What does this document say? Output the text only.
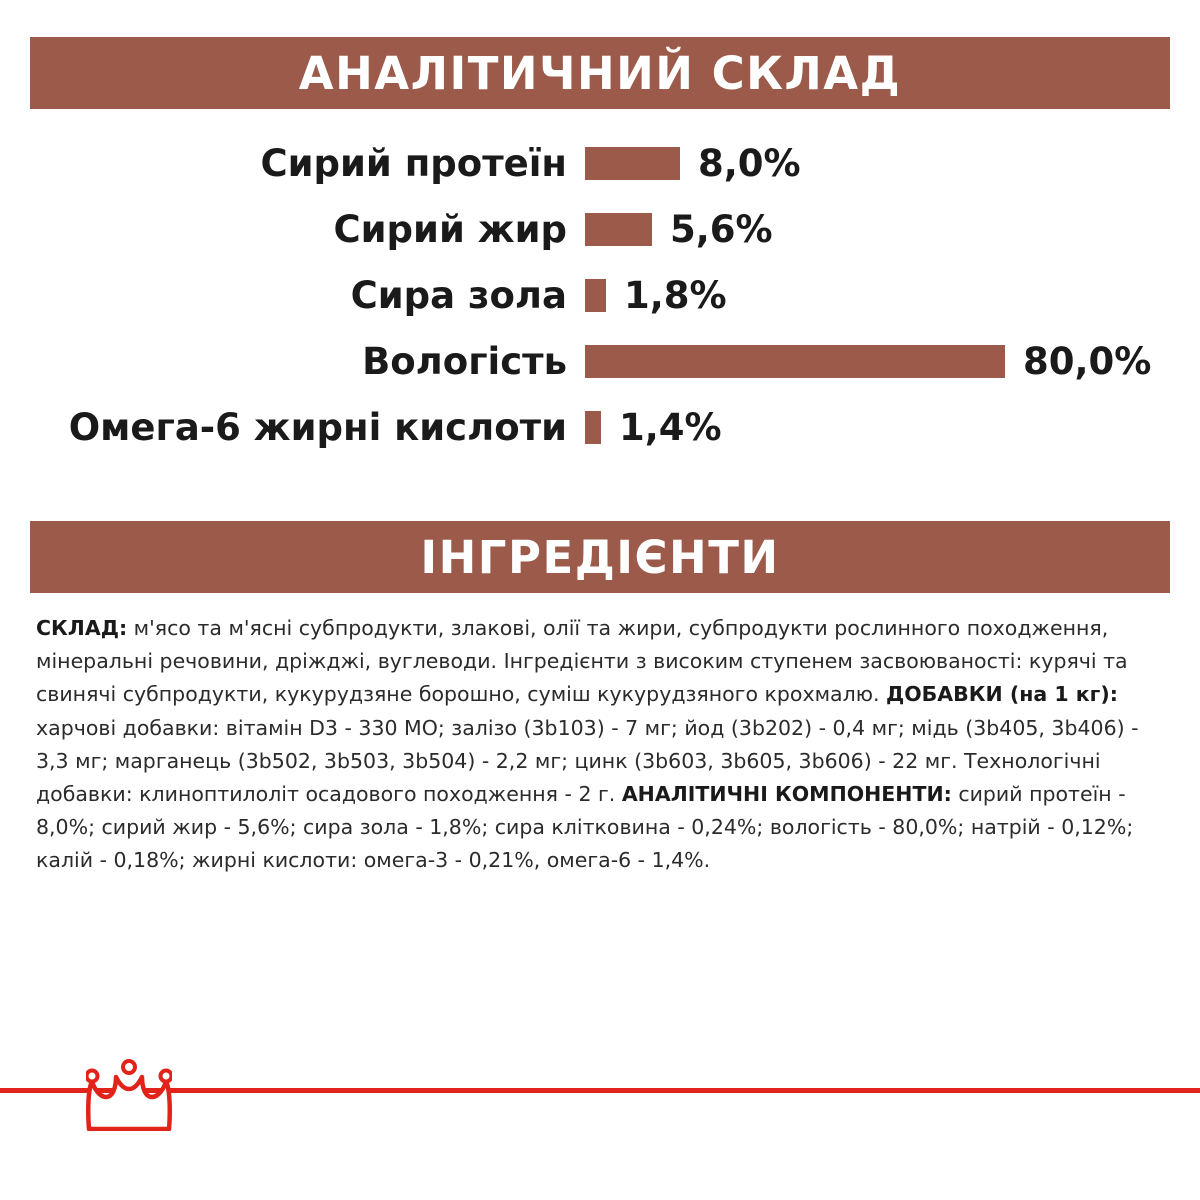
АНАЛІТИЧНИЙ СКЛАД
Сирий протеїн	8,0%
Сирий жир	5,6%
Сира зола	1,8%
Вологість	80,0%
Омега-6 жирні кислоти	1,4%
ІНГРЕДІЄНТИ
СКЛАД: м'ясо та м'ясні субпродукти, злакові, олії та жири, субпродукти рослинного походження, мінеральні речовини, дріжджі, вуглеводи. Інгредієнти з високим ступенем засвоюваності: курячі та свинячі субпродукти, кукурудзяне борошно, суміш кукурудзяного крохмалю. ДОБАВКИ (на 1 кг): харчові добавки: вітамін D3 - 330 МО; залізо (3b103) - 7 мг; йод (3b202) - 0,4 мг; мідь (3b405, 3b406) - 3,3 мг; марганець (3b502, 3b503, 3b504) - 2,2 мг; цинк (3b603, 3b605, 3b606) - 22 мг. Технологічні добавки: клиноптилоліт осадового походження - 2 г. АНАЛІТИЧНІ КОМПОНЕНТИ: сирий протеїн - 8,0%; сирий жир - 5,6%; сира зола - 1,8%; сира клітковина - 0,24%; вологість - 80,0%; натрій - 0,12%; калій - 0,18%; жирні кислоти: омега-3 - 0,21%, омега-6 - 1,4%.
